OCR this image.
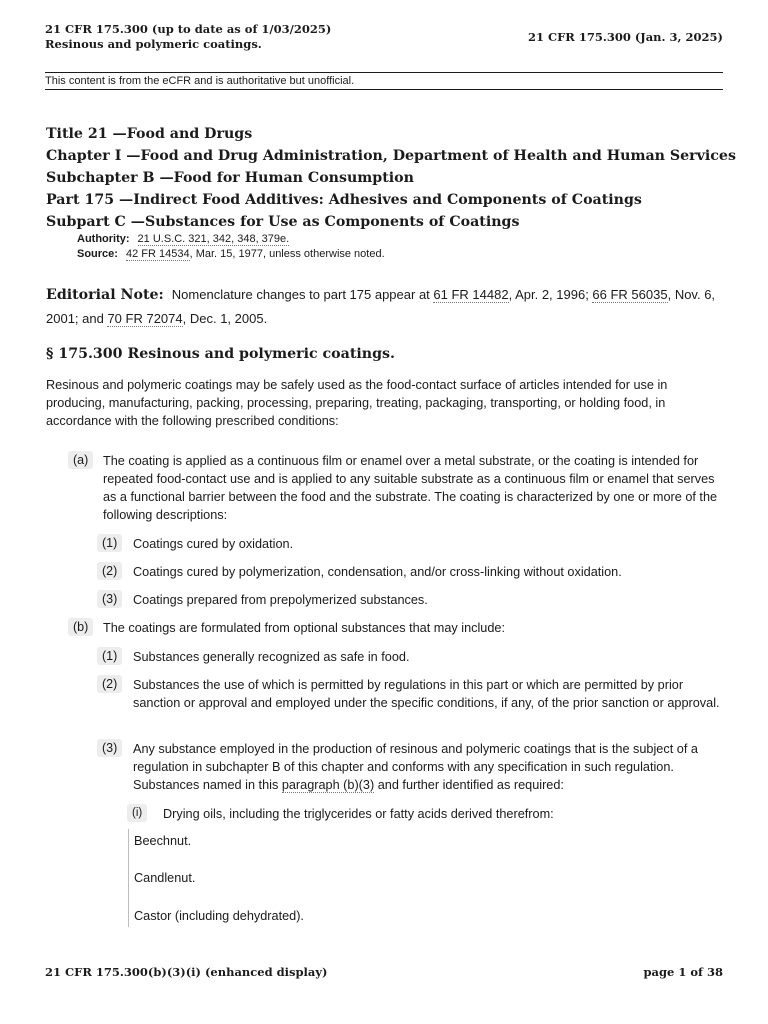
21 CFR 175.300 (up to date as of 1/03/2025)
Resinous and polymeric coatings.	21 CFR 175.300 (Jan. 3, 2025)
This content is from the eCFR and is authoritative but unofficial.
Title 21 —Food and Drugs
Chapter I —Food and Drug Administration, Department of Health and Human Services
Subchapter B —Food for Human Consumption
Part 175 —Indirect Food Additives: Adhesives and Components of Coatings
Subpart C —Substances for Use as Components of Coatings
Authority: 21 U.S.C. 321, 342, 348, 379e.
Source: 42 FR 14534, Mar. 15, 1977, unless otherwise noted.
Editorial Note: Nomenclature changes to part 175 appear at 61 FR 14482, Apr. 2, 1996; 66 FR 56035, Nov. 6, 2001; and 70 FR 72074, Dec. 1, 2005.
§ 175.300 Resinous and polymeric coatings.
Resinous and polymeric coatings may be safely used as the food-contact surface of articles intended for use in producing, manufacturing, packing, processing, preparing, treating, packaging, transporting, or holding food, in accordance with the following prescribed conditions:
(a)	The coating is applied as a continuous film or enamel over a metal substrate, or the coating is intended for repeated food-contact use and is applied to any suitable substrate as a continuous film or enamel that serves as a functional barrier between the food and the substrate. The coating is characterized by one or more of the following descriptions:
(1)	Coatings cured by oxidation.
(2)	Coatings cured by polymerization, condensation, and/or cross-linking without oxidation.
(3)	Coatings prepared from prepolymerized substances.
(b)	The coatings are formulated from optional substances that may include:
(1)	Substances generally recognized as safe in food.
(2)	Substances the use of which is permitted by regulations in this part or which are permitted by prior sanction or approval and employed under the specific conditions, if any, of the prior sanction or approval.
(3)	Any substance employed in the production of resinous and polymeric coatings that is the subject of a regulation in subchapter B of this chapter and conforms with any specification in such regulation. Substances named in this paragraph (b)(3) and further identified as required:
(i)	Drying oils, including the triglycerides or fatty acids derived therefrom:
Beechnut.
Candlenut.
Castor (including dehydrated).
21 CFR 175.300(b)(3)(i) (enhanced display)	page 1 of 38
